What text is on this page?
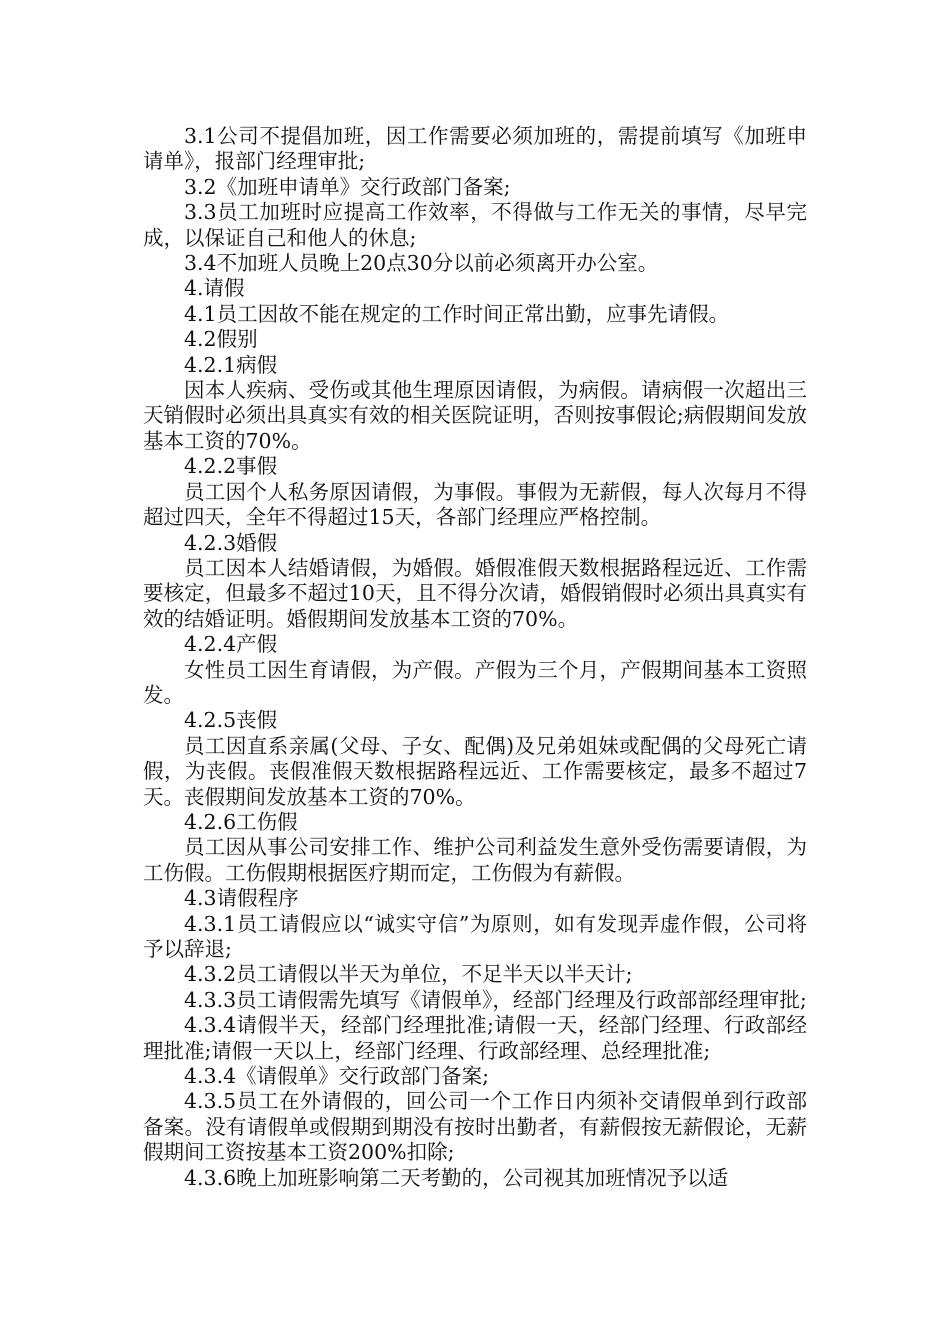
3.1公司不提倡加班，因工作需要必须加班的，需提前填写《加班申请单》，报部门经理审批;

3.2《加班申请单》交行政部门备案;

3.3员工加班时应提高工作效率，不得做与工作无关的事情，尽早完成，以保证自己和他人的休息;

3.4不加班人员晚上20点30分以前必须离开办公室。

4.请假

4.1员工因故不能在规定的工作时间正常出勤，应事先请假。

4.2假别

4.2.1病假

因本人疾病、受伤或其他生理原因请假，为病假。请病假一次超出三天销假时必须出具真实有效的相关医院证明，否则按事假论;病假期间发放基本工资的70%。

4.2.2事假

员工因个人私务原因请假，为事假。事假为无薪假，每人次每月不得超过四天，全年不得超过15天，各部门经理应严格控制。

4.2.3婚假

员工因本人结婚请假，为婚假。婚假准假天数根据路程远近、工作需要核定，但最多不超过10天，且不得分次请，婚假销假时必须出具真实有效的结婚证明。婚假期间发放基本工资的70%。

4.2.4产假

女性员工因生育请假，为产假。产假为三个月，产假期间基本工资照发。

4.2.5丧假

员工因直系亲属(父母、子女、配偶)及兄弟姐妹或配偶的父母死亡请假，为丧假。丧假准假天数根据路程远近、工作需要核定，最多不超过7天。丧假期间发放基本工资的70%。

4.2.6工伤假

员工因从事公司安排工作、维护公司利益发生意外受伤需要请假，为工伤假。工伤假期根据医疗期而定，工伤假为有薪假。

4.3请假程序

4.3.1员工请假应以“诚实守信”为原则，如有发现弄虚作假，公司将予以辞退;

4.3.2员工请假以半天为单位，不足半天以半天计;

4.3.3员工请假需先填写《请假单》，经部门经理及行政部部经理审批;

4.3.4请假半天，经部门经理批准;请假一天，经部门经理、行政部经理批准;请假一天以上，经部门经理、行政部经理、总经理批准;

4.3.4《请假单》交行政部门备案;

4.3.5员工在外请假的，回公司一个工作日内须补交请假单到行政部备案。没有请假单或假期到期没有按时出勤者，有薪假按无薪假论，无薪假期间工资按基本工资200%扣除;

4.3.6晚上加班影响第二天考勤的，公司视其加班情况予以适
